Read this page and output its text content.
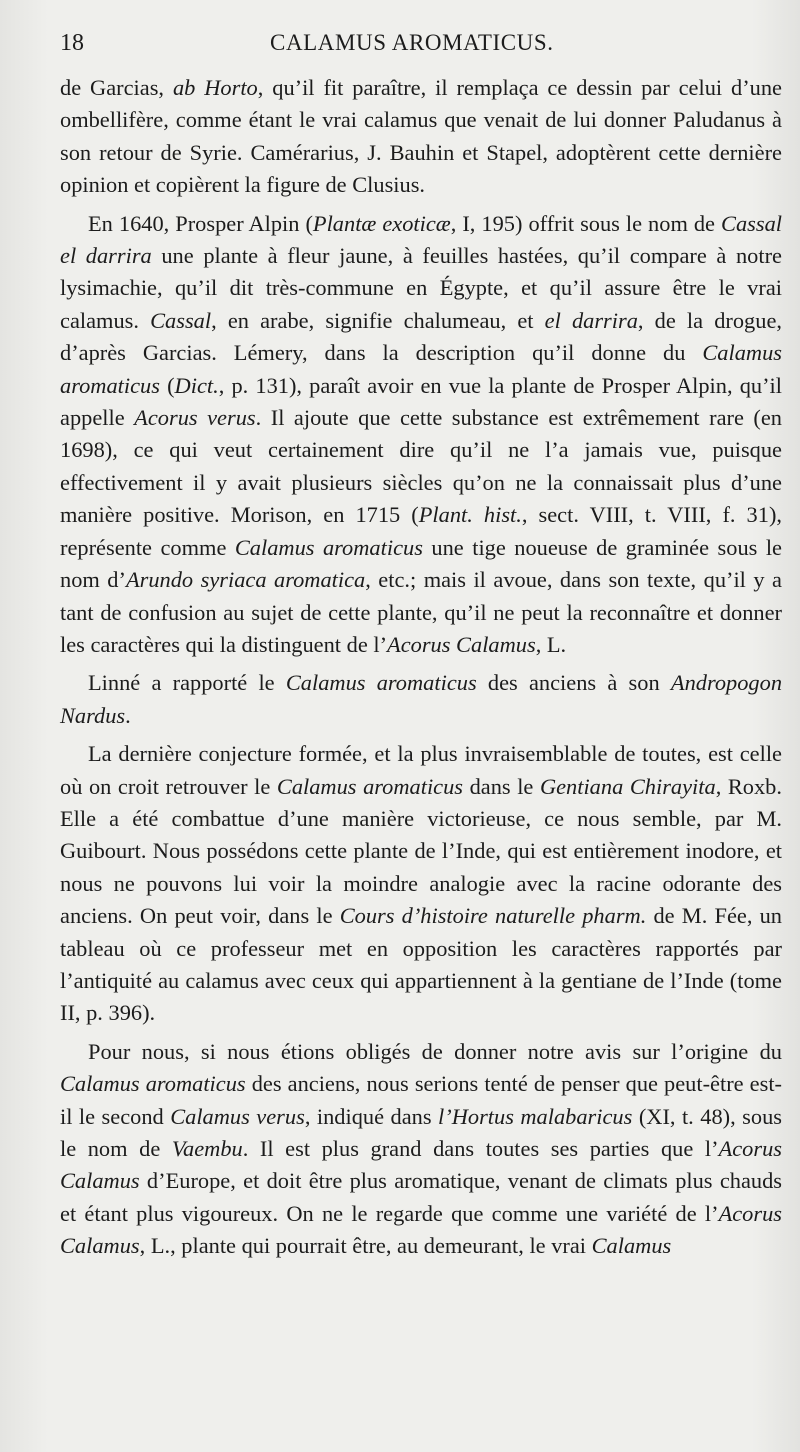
18	CALAMUS AROMATICUS.

de Garcias, ab Horto, qu’il fit paraître, il remplaça ce dessin par celui d’une ombellifère, comme étant le vrai calamus que venait de lui donner Paludanus à son retour de Syrie. Camérarius, J. Bauhin et Stapel, adoptèrent cette dernière opinion et copièrent la figure de Clusius.

En 1640, Prosper Alpin (Plantæ exoticæ, I, 195) offrit sous le nom de Cassal el darrira une plante à fleur jaune, à feuilles hastées, qu’il compare à notre lysimachie, qu’il dit très-commune en Égypte, et qu’il assure être le vrai calamus. Cassal, en arabe, signifie chalumeau, et el darrira, de la drogue, d’après Garcias. Lémery, dans la description qu’il donne du Calamus aromaticus (Dict., p. 131), paraît avoir en vue la plante de Prosper Alpin, qu’il appelle Acorus verus. Il ajoute que cette substance est extrêmement rare (en 1698), ce qui veut certainement dire qu’il ne l’a jamais vue, puisque effectivement il y avait plusieurs siècles qu’on ne la connaissait plus d’une manière positive. Morison, en 1715 (Plant. hist., sect. VIII, t. VIII, f. 31), représente comme Calamus aromaticus une tige noueuse de graminée sous le nom d’Arundo syriaca aromatica, etc.; mais il avoue, dans son texte, qu’il y a tant de confusion au sujet de cette plante, qu’il ne peut la reconnaître et donner les caractères qui la distinguent de l’Acorus Calamus, L.

Linné a rapporté le Calamus aromaticus des anciens à son Andropogon Nardus.

La dernière conjecture formée, et la plus invraisemblable de toutes, est celle où on croit retrouver le Calamus aromaticus dans le Gentiana Chirayita, Roxb. Elle a été combattue d’une manière victorieuse, ce nous semble, par M. Guibourt. Nous possédons cette plante de l’Inde, qui est entièrement inodore, et nous ne pouvons lui voir la moindre analogie avec la racine odorante des anciens. On peut voir, dans le Cours d’histoire naturelle pharm. de M. Fée, un tableau où ce professeur met en opposition les caractères rapportés par l’antiquité au calamus avec ceux qui appartiennent à la gentiane de l’Inde (tome II, p. 396).

Pour nous, si nous étions obligés de donner notre avis sur l’origine du Calamus aromaticus des anciens, nous serions tenté de penser que peut-être est-il le second Calamus verus, indiqué dans l’Hortus malabaricus (XI, t. 48), sous le nom de Vaembu. Il est plus grand dans toutes ses parties que l’Acorus Calamus d’Europe, et doit être plus aromatique, venant de climats plus chauds et étant plus vigoureux. On ne le regarde que comme une variété de l’Acorus Calamus, L., plante qui pourrait être, au demeurant, le vrai Calamus
